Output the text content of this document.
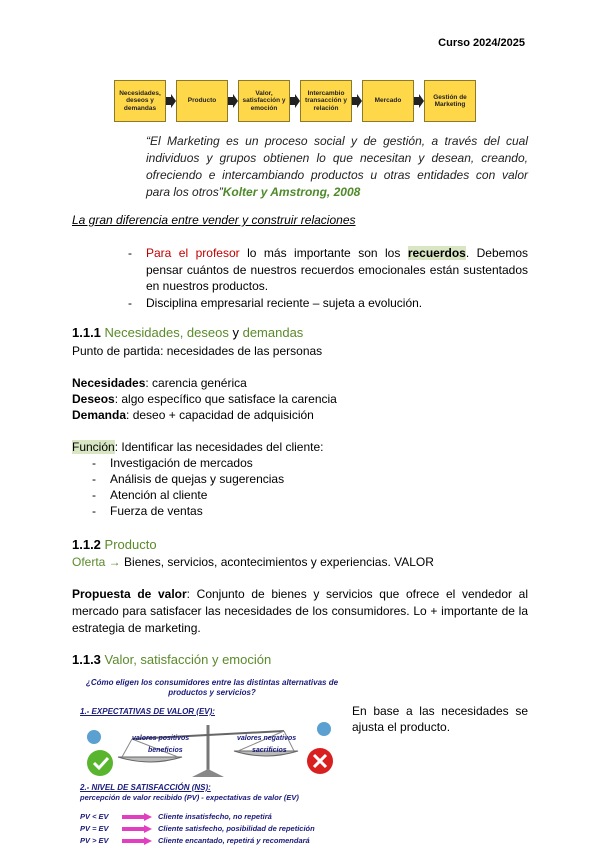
Curso 2024/2025
Necesidades, deseos y demandas
Producto
Valor, satisfacción y emoción
Intercambio transacción y relación
Mercado
Gestión de Marketing
“El Marketing es un proceso social y de gestión, a través del cual individuos y grupos obtienen lo que necesitan y desean, creando, ofreciendo e intercambiando productos u otras entidades con valor para los otros”Kolter y Amstrong, 2008
La gran diferencia entre vender y construir relaciones
- Para el profesor lo más importante son los recuerdos. Debemos pensar cuántos de nuestros recuerdos emocionales están sustentados en nuestros productos.
- Disciplina empresarial reciente – sujeta a evolución.
1.1.1 Necesidades, deseos y demandas
Punto de partida: necesidades de las personas
Necesidades: carencia genérica
Deseos: algo específico que satisface la carencia
Demanda: deseo + capacidad de adquisición
Función: Identificar las necesidades del cliente:
- Investigación de mercados
- Análisis de quejas y sugerencias
- Atención al cliente
- Fuerza de ventas
1.1.2 Producto
Oferta → Bienes, servicios, acontecimientos y experiencias. VALOR
Propuesta de valor: Conjunto de bienes y servicios que ofrece el vendedor al mercado para satisfacer las necesidades de los consumidores. Lo + importante de la estrategia de marketing.
1.1.3 Valor, satisfacción y emoción
¿Cómo eligen los consumidores entre las distintas alternativas de productos y servicios?
1.- EXPECTATIVAS DE VALOR (EV):
valores positivos
beneficios
valores negativos
sacrificios
2.- NIVEL DE SATISFACCIÓN (NS):
percepción de valor recibido (PV) - expectativas de valor (EV)
PV < EV	Cliente insatisfecho, no repetirá
PV = EV	Cliente satisfecho, posibilidad de repetición
PV > EV	Cliente encantado, repetirá y recomendará
En base a las necesidades se ajusta el producto.
